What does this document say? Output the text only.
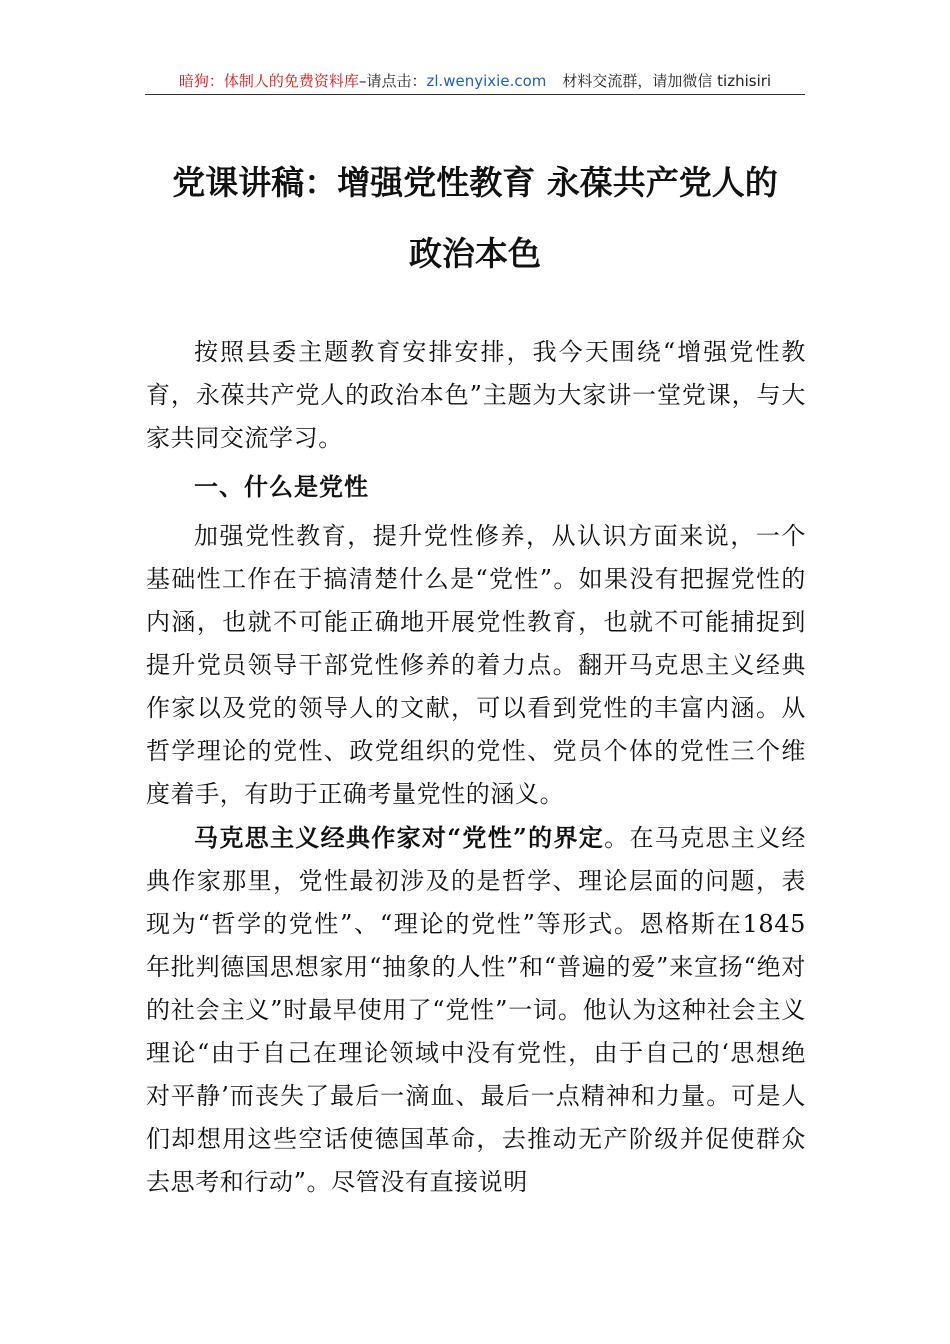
暗狗：体制人的免费资料库–请点击：zl.wenyixie.com 材料交流群，请加微信 tizhisiri
党课讲稿：增强党性教育 永葆共产党人的
政治本色

按照县委主题教育安排安排，我今天围绕“增强党性教育，永葆共产党人的政治本色”主题为大家讲一堂党课，与大家共同交流学习。

一、什么是党性

加强党性教育，提升党性修养，从认识方面来说，一个基础性工作在于搞清楚什么是“党性”。如果没有把握党性的内涵，也就不可能正确地开展党性教育，也就不可能捕捉到提升党员领导干部党性修养的着力点。翻开马克思主义经典作家以及党的领导人的文献，可以看到党性的丰富内涵。从哲学理论的党性、政党组织的党性、党员个体的党性三个维度着手，有助于正确考量党性的涵义。

马克思主义经典作家对“党性”的界定。在马克思主义经典作家那里，党性最初涉及的是哲学、理论层面的问题，表现为“哲学的党性”、“理论的党性”等形式。恩格斯在1845 年批判德国思想家用“抽象的人性”和“普遍的爱”来宣扬“绝对的社会主义”时最早使用了“党性”一词。他认为这种社会主义理论“由于自己在理论领域中没有党性，由于自己的‘思想绝对平静’而丧失了最后一滴血、最后一点精神和力量。可是人们却想用这些空话使德国革命，去推动无产阶级并促使群众去思考和行动”。尽管没有直接说明
